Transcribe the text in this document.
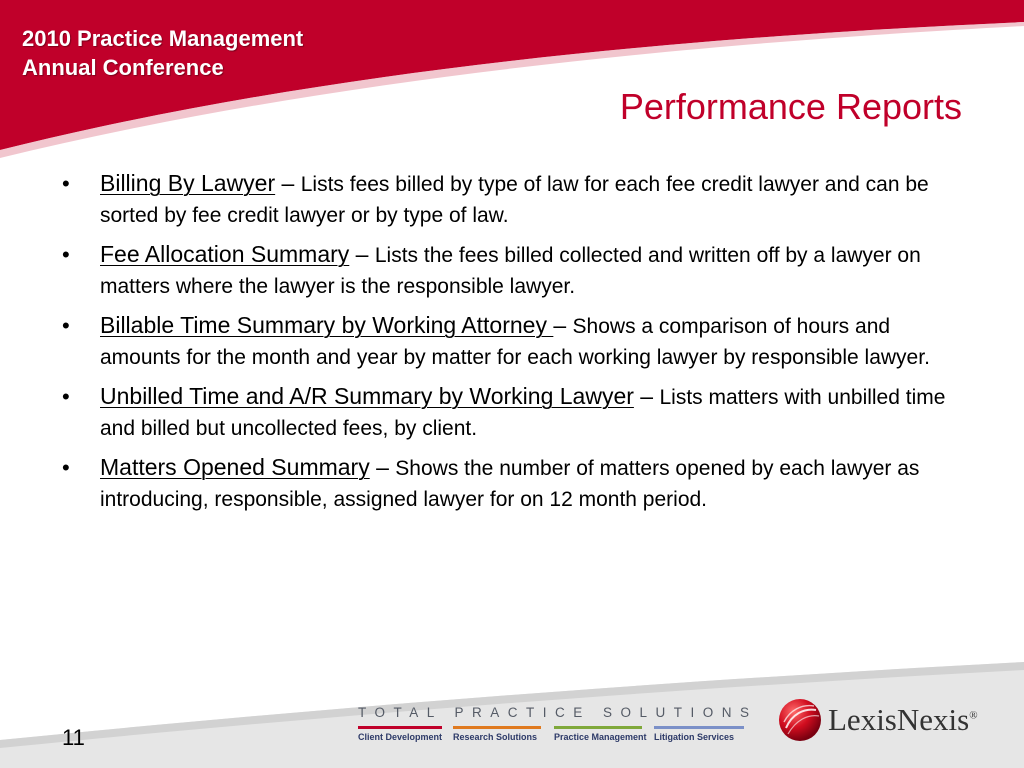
2010 Practice Management
Annual Conference
Performance Reports
• Billing By Lawyer – Lists fees billed by type of law for each fee credit lawyer and can be sorted by fee credit lawyer or by type of law.
• Fee Allocation Summary – Lists the fees billed collected and written off by a lawyer on matters where the lawyer is the responsible lawyer.
• Billable Time Summary by Working Attorney – Shows a comparison of hours and amounts for the month and year by matter for each working lawyer by responsible lawyer.
• Unbilled Time and A/R Summary by Working Lawyer – Lists matters with unbilled time and billed but uncollected fees, by client.
• Matters Opened Summary – Shows the number of matters opened by each lawyer as introducing, responsible, assigned lawyer for on 12 month period.
11
TOTAL PRACTICE SOLUTIONS
Client Development Research Solutions	Practice Management Litigation Services	LexisNexis®
